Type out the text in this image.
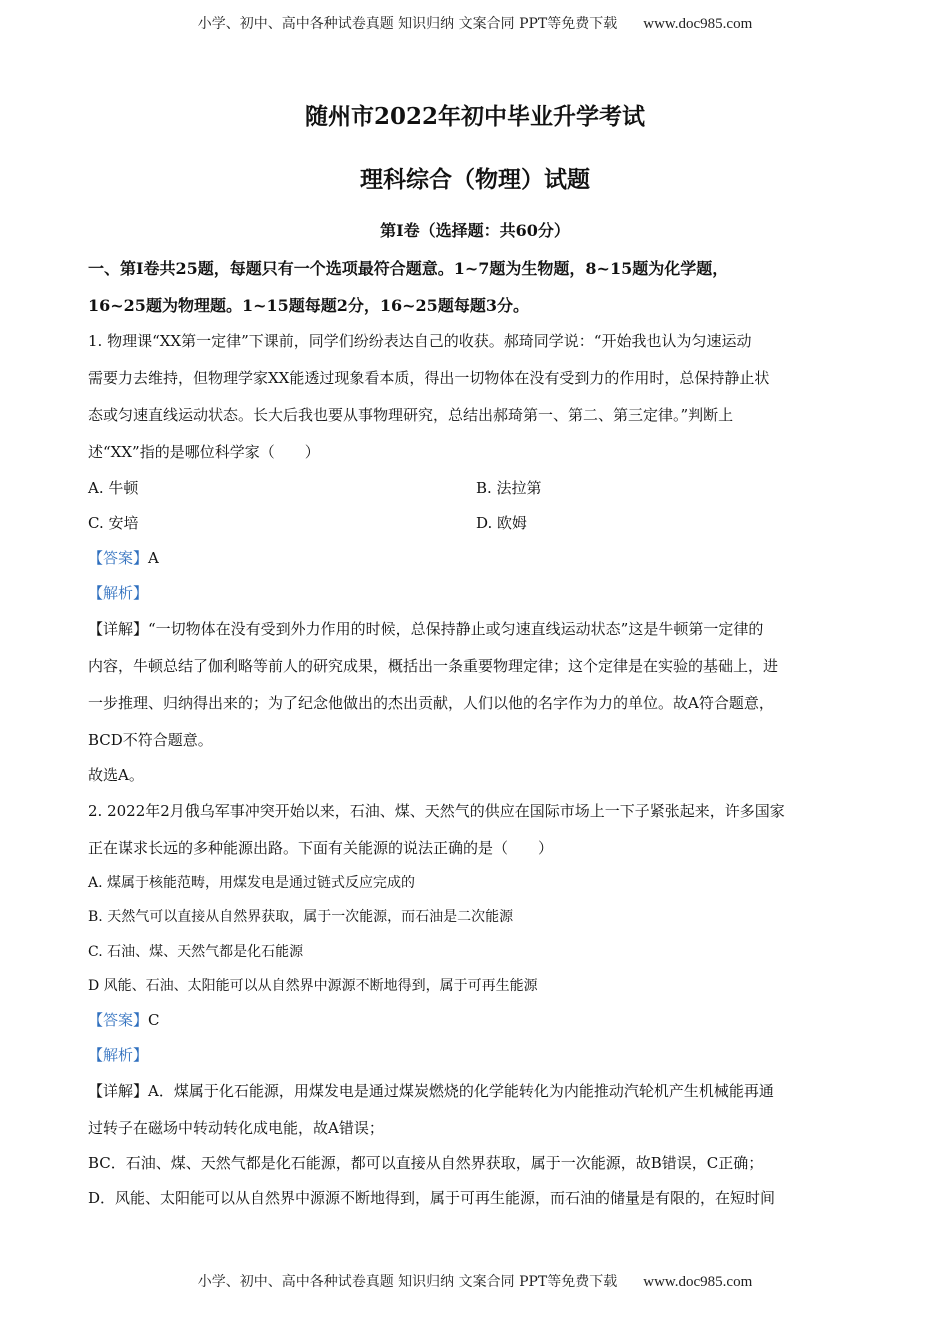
小学、初中、高中各种试卷真题 知识归纳 文案合同 PPT等免费下载 www.doc985.com
随州市2022年初中毕业升学考试
理科综合（物理）试题
第I卷（选择题：共60分）
一、第I卷共25题，每题只有一个选项最符合题意。1~7题为生物题，8~15题为化学题，
16~25题为物理题。1~15题每题2分，16~25题每题3分。
1. 物理课“XX第一定律”下课前，同学们纷纷表达自己的收获。郝琦同学说：“开始我也认为匀速运动
需要力去维持，但物理学家XX能透过现象看本质，得出一切物体在没有受到力的作用时，总保持静止状
态或匀速直线运动状态。长大后我也要从事物理研究，总结出郝琦第一、第二、第三定律。”判断上
述“XX”指的是哪位科学家（　　）
A. 牛顿	B. 法拉第
C. 安培	D. 欧姆
【答案】A
【解析】
【详解】“一切物体在没有受到外力作用的时候，总保持静止或匀速直线运动状态”这是牛顿第一定律的
内容，牛顿总结了伽利略等前人的研究成果，概括出一条重要物理定律；这个定律是在实验的基础上，进
一步推理、归纳得出来的；为了纪念他做出的杰出贡献，人们以他的名字作为力的单位。故A符合题意，
BCD不符合题意。
故选A。
2. 2022年2月俄乌军事冲突开始以来，石油、煤、天然气的供应在国际市场上一下子紧张起来，许多国家
正在谋求长远的多种能源出路。下面有关能源的说法正确的是（　　）
A. 煤属于核能范畴，用煤发电是通过链式反应完成的
B. 天然气可以直接从自然界获取，属于一次能源，而石油是二次能源
C. 石油、煤、天然气都是化石能源
D 风能、石油、太阳能可以从自然界中源源不断地得到，属于可再生能源
【答案】C
【解析】
【详解】A．煤属于化石能源，用煤发电是通过煤炭燃烧的化学能转化为内能推动汽轮机产生机械能再通
过转子在磁场中转动转化成电能，故A错误；
BC．石油、煤、天然气都是化石能源，都可以直接从自然界获取，属于一次能源，故B错误，C正确；
D．风能、太阳能可以从自然界中源源不断地得到，属于可再生能源，而石油的储量是有限的，在短时间
小学、初中、高中各种试卷真题 知识归纳 文案合同 PPT等免费下载 www.doc985.com
